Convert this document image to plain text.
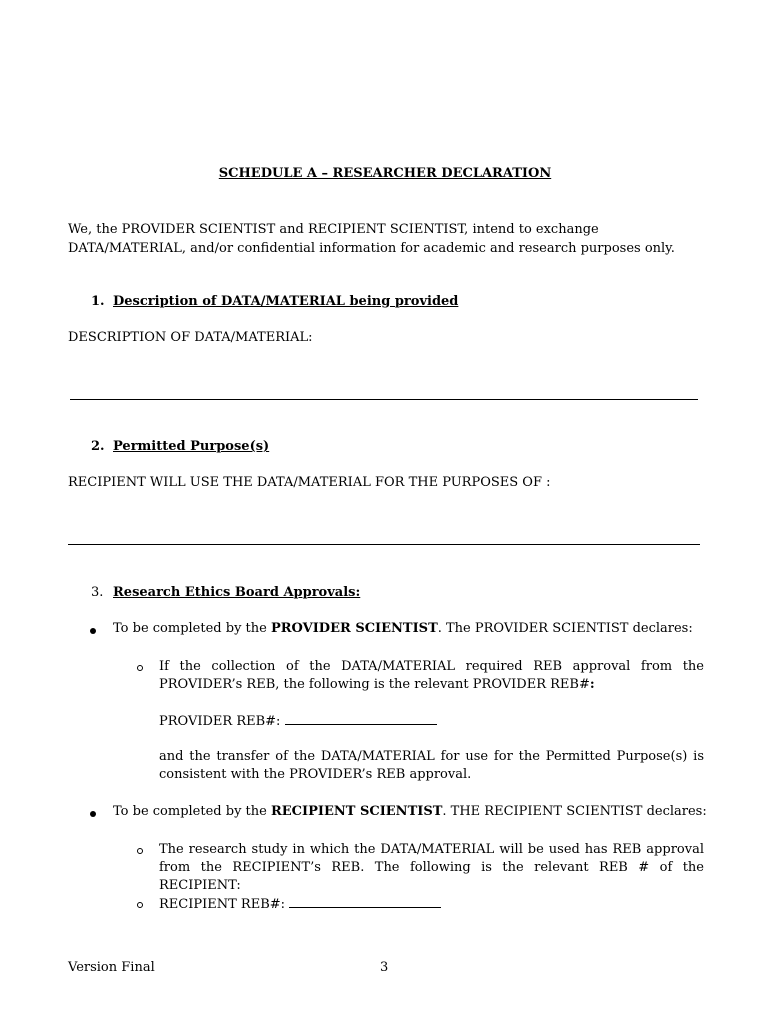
SCHEDULE A – RESEARCHER DECLARATION
We, the PROVIDER SCIENTIST and RECIPIENT SCIENTIST, intend to exchange DATA/MATERIAL, and/or confidential information for academic and research purposes only.
1. Description of DATA/MATERIAL being provided
DESCRIPTION OF DATA/MATERIAL:
2. Permitted Purpose(s)
RECIPIENT WILL USE THE DATA/MATERIAL FOR THE PURPOSES OF :
3. Research Ethics Board Approvals:
To be completed by the PROVIDER SCIENTIST. The PROVIDER SCIENTIST declares:
If the collection of the DATA/MATERIAL required REB approval from the PROVIDER’s REB, the following is the relevant PROVIDER REB#:
PROVIDER REB#:
and the transfer of the DATA/MATERIAL for use for the Permitted Purpose(s) is consistent with the PROVIDER’s REB approval.
To be completed by the RECIPIENT SCIENTIST. THE RECIPIENT SCIENTIST declares:
The research study in which the DATA/MATERIAL will be used has REB approval from the RECIPIENT’s REB. The following is the relevant REB # of the RECIPIENT:
RECIPIENT REB#:
Version Final	3
